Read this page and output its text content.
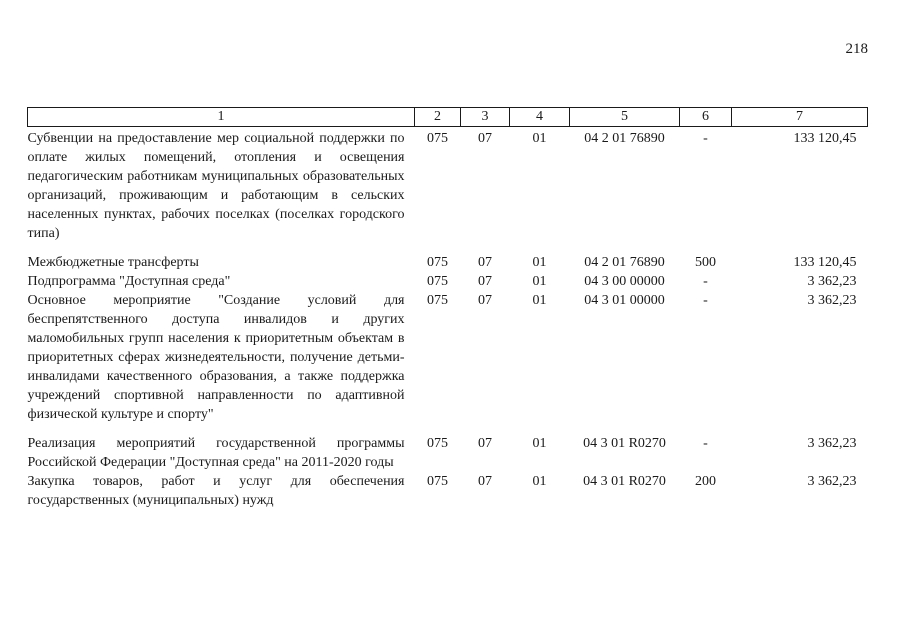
218
1	2	3	4	5	6	7
Субвенции на предоставление мер социальной поддержки по оплате жилых помещений, отопления и освещения педагогическим работникам муниципальных образовательных организаций, проживающим и работающим в сельских населенных пунктах, рабочих поселках (поселках городского типа)	075	07	01	04 2 01 76890	-	133 120,45
Межбюджетные трансферты	075	07	01	04 2 01 76890	500	133 120,45
Подпрограмма "Доступная среда"	075	07	01	04 3 00 00000	-	3 362,23
Основное мероприятие "Создание условий для беспрепятственного доступа инвалидов и других маломобильных групп населения к приоритетным объектам в приоритетных сферах жизнедеятельности, получение детьми-инвалидами качественного образования, а также поддержка учреждений спортивной направленности по адаптивной физической культуре и спорту"	075	07	01	04 3 01 00000	-	3 362,23
Реализация мероприятий государственной программы Российской Федерации "Доступная среда" на 2011-2020 годы	075	07	01	04 3 01 R0270	-	3 362,23
Закупка товаров, работ и услуг для обеспечения государственных (муниципальных) нужд	075	07	01	04 3 01 R0270	200	3 362,23
